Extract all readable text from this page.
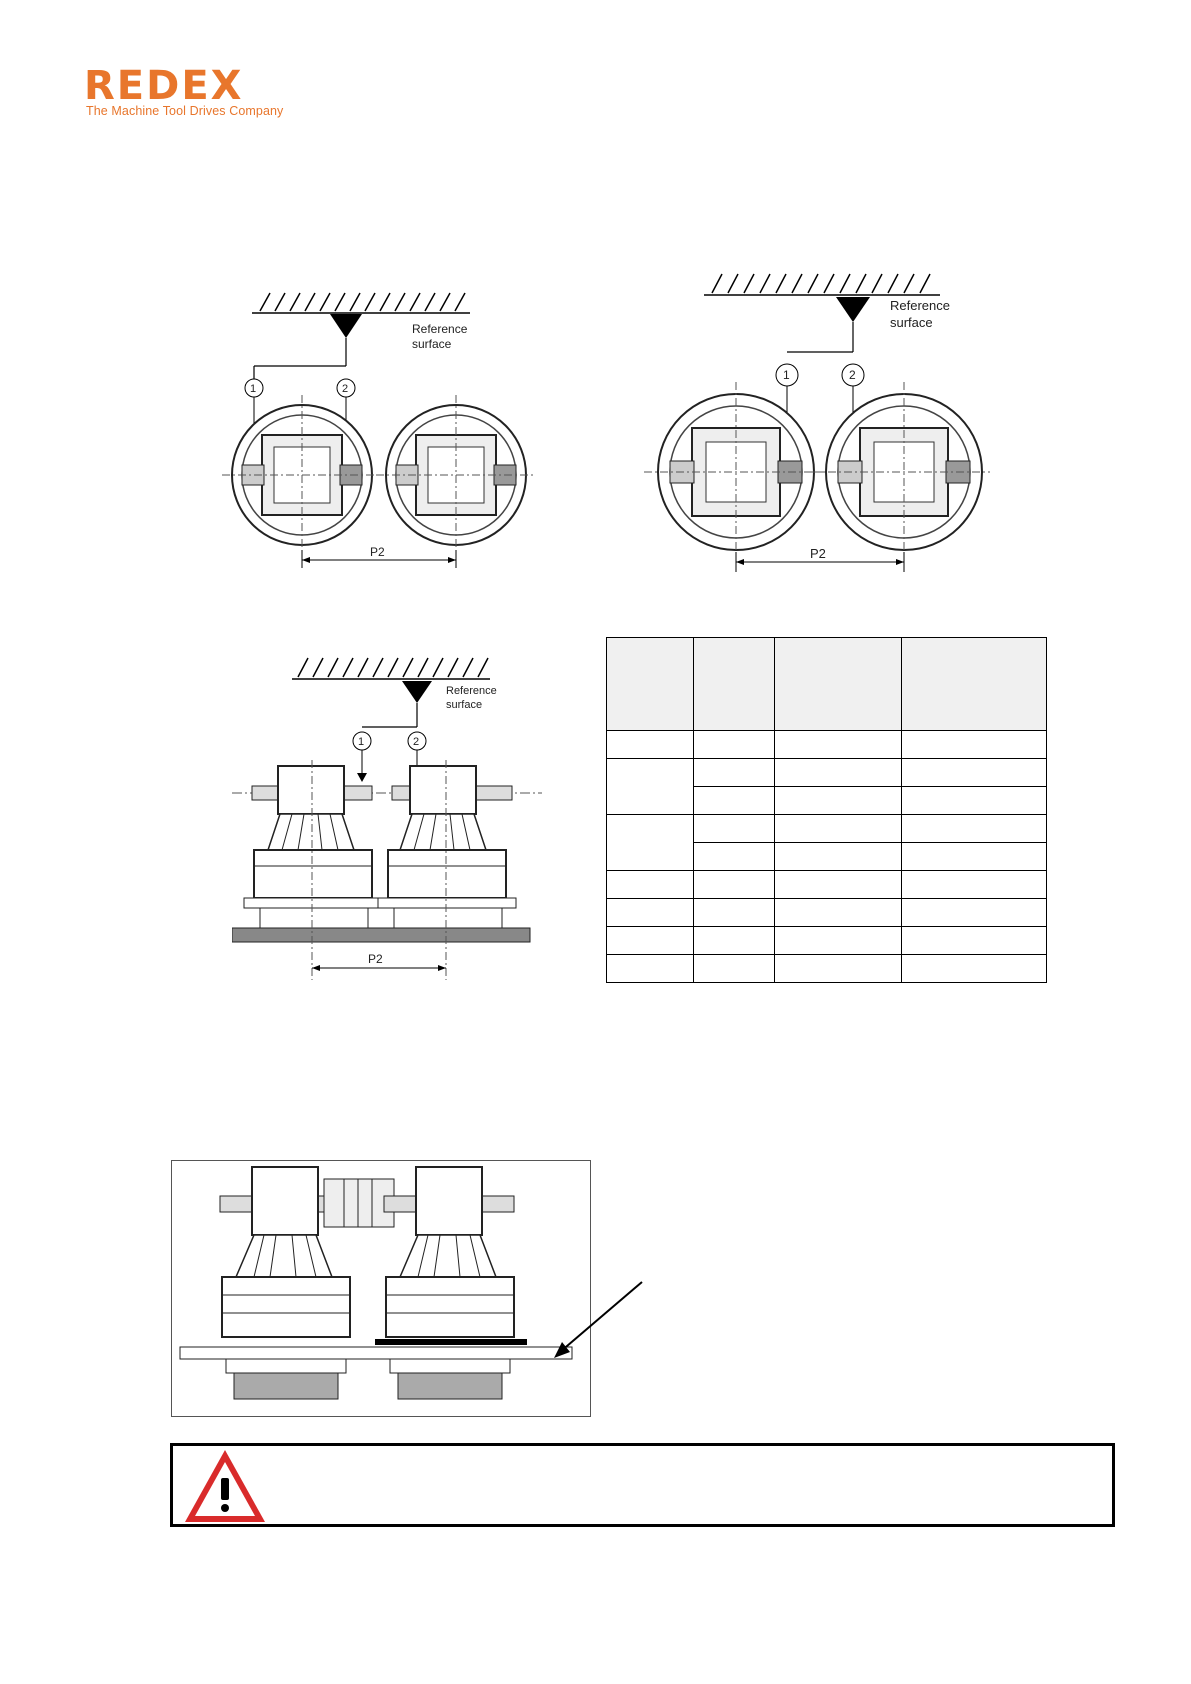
REDEX
The Machine Tool Drives Company
Reference
surface
1	2
P2
Reference
surface
1	2
P2
Reference
surface
1	2
P2
